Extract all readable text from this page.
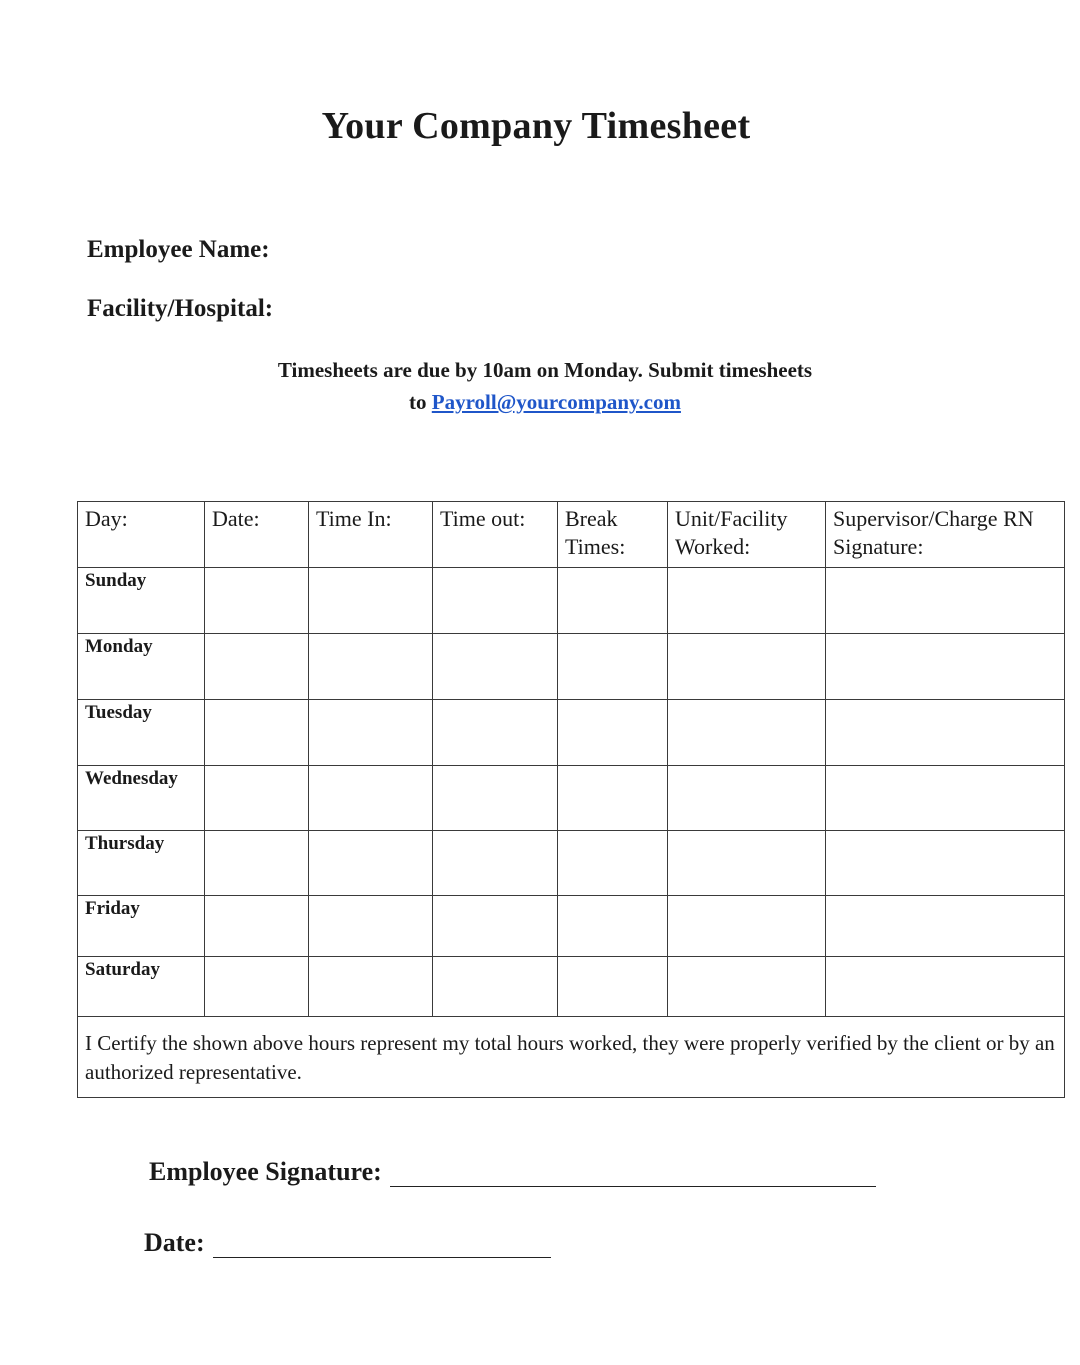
Your Company Timesheet
Employee Name:
Facility/Hospital:
Timesheets are due by 10am on Monday. Submit timesheets
to Payroll@yourcompany.com
Day:	Date:	Time In:	Time out:	Break Times:	Unit/Facility Worked:	Supervisor/Charge RN Signature:
Sunday						
Monday						
Tuesday						
Wednesday						
Thursday						
Friday						
Saturday						
I Certify the shown above hours represent my total hours worked, they were properly verified by the client or by an authorized representative.						
Employee Signature:
Date:
